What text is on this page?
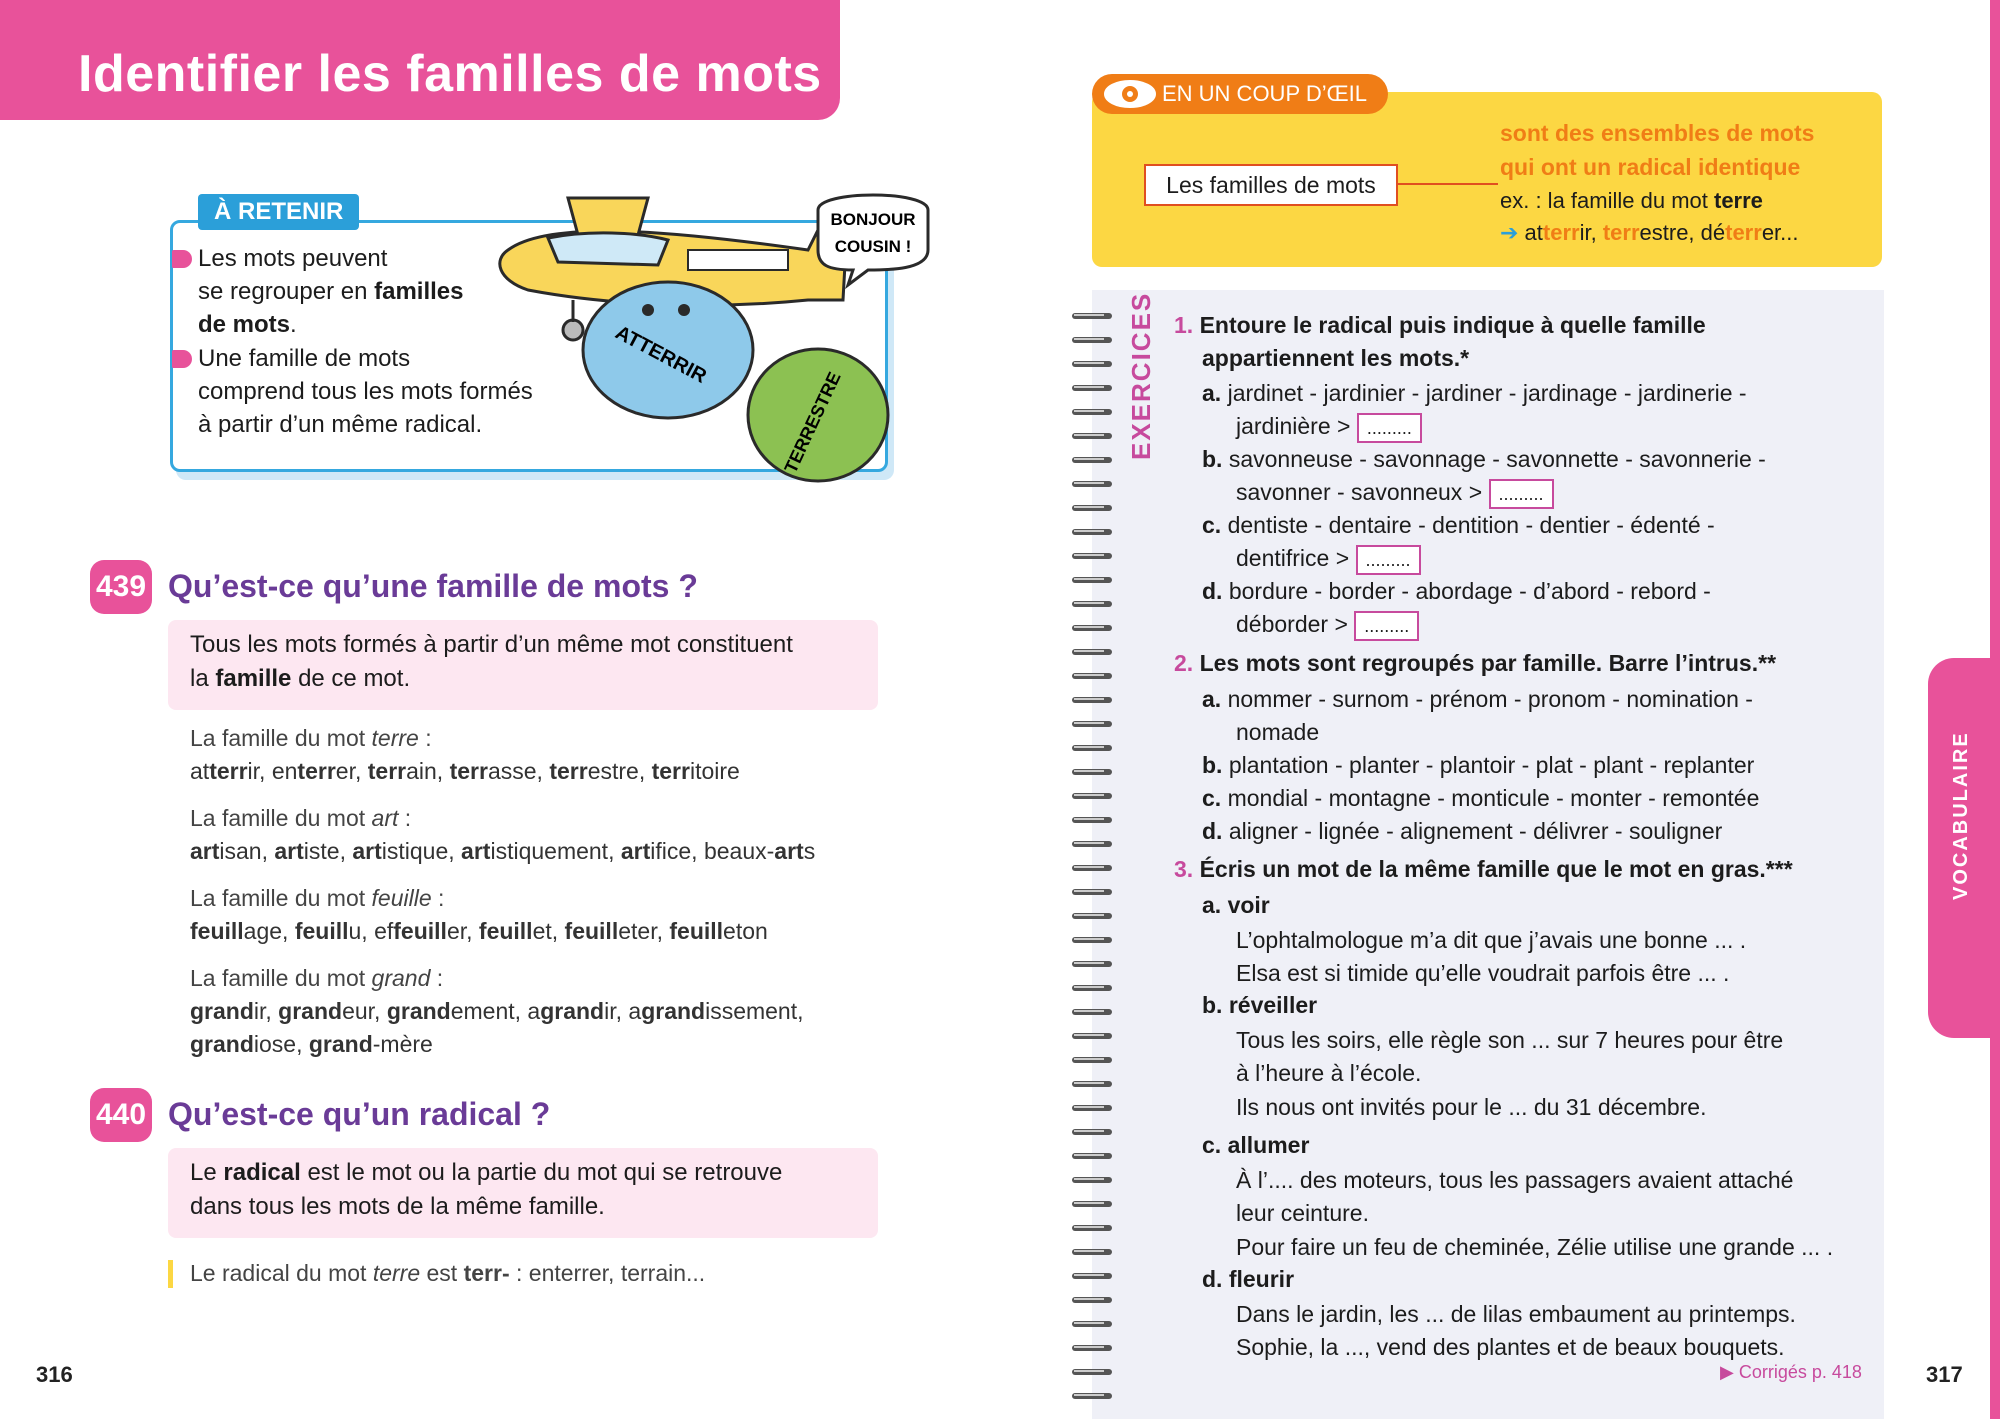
Identifier les familles de mots
À RETENIR
Les mots peuvent
se regrouper en familles
de mots.
Une famille de mots
comprend tous les mots formés
à partir d’un même radical.
BONJOUR
COUSIN !
ATTERRIR
TERRESTRE
439 Qu’est-ce qu’une famille de mots ?
Tous les mots formés à partir d’un même mot constituent
la famille de ce mot.
La famille du mot terre :
atterrir, enterrer, terrain, terrasse, terrestre, territoire
La famille du mot art :
artisan, artiste, artistique, artistiquement, artifice, beaux-arts
La famille du mot feuille :
feuillage, feuillu, effeuiller, feuillet, feuilleter, feuilleton
La famille du mot grand :
grandir, grandeur, grandement, agrandir, agrandissement,
grandiose, grand-mère
440 Qu’est-ce qu’un radical ?
Le radical est le mot ou la partie du mot qui se retrouve
dans tous les mots de la même famille.
Le radical du mot terre est terr- : enterrer, terrain...
316
EN UN COUP D’ŒIL
Les familles de mots
sont des ensembles de mots
qui ont un radical identique
ex. : la famille du mot terre
➔ atterrir, terrestre, déterrer...
EXERCICES 1. Entoure le radical puis indique à quelle famille
appartiennent les mots.*
a. jardinet - jardinier - jardiner - jardinage - jardinerie -
jardinière > .........
b. savonneuse - savonnage - savonnette - savonnerie -
savonner - savonneux > .........
c. dentiste - dentaire - dentition - dentier - édenté -
dentifrice > .........
d. bordure - border - abordage - d’abord - rebord -
déborder > .........
2. Les mots sont regroupés par famille. Barre l’intrus.**
a. nommer - surnom - prénom - pronom - nomination -
nomade
b. plantation - planter - plantoir - plat - plant - replanter
c. mondial - montagne - monticule - monter - remontée
d. aligner - lignée - alignement - délivrer - souligner
3. Écris un mot de la même famille que le mot en gras.***
a. voir
L’ophtalmologue m’a dit que j’avais une bonne ... .
Elsa est si timide qu’elle voudrait parfois être ... .
b. réveiller
Tous les soirs, elle règle son ... sur 7 heures pour être
à l’heure à l’école.
Ils nous ont invités pour le ... du 31 décembre.
c. allumer
À l’.... des moteurs, tous les passagers avaient attaché
leur ceinture.
Pour faire un feu de cheminée, Zélie utilise une grande ... .
d. fleurir
Dans le jardin, les ... de lilas embaument au printemps.
Sophie, la ..., vend des plantes et de beaux bouquets.
▶ Corrigés p. 418
VOCABULAIRE
317
